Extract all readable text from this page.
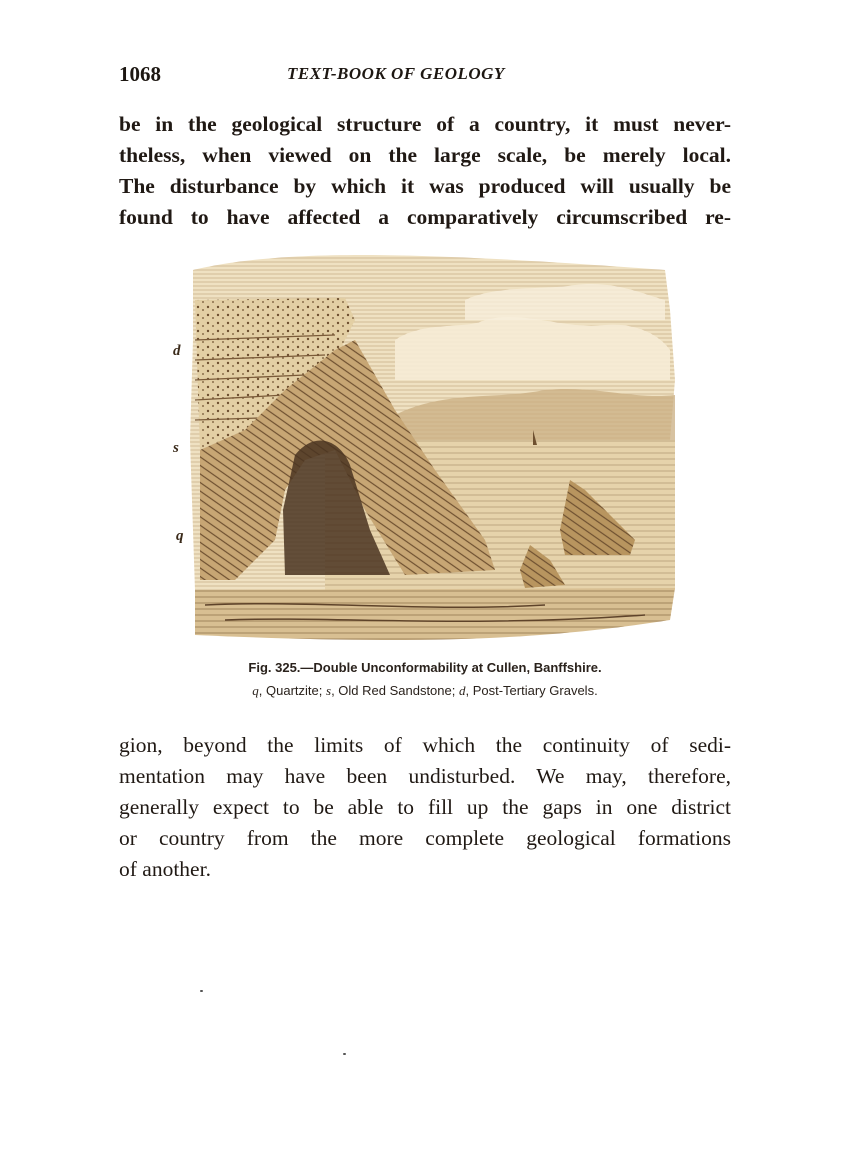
1068	TEXT-BOOK OF GEOLOGY

be in the geological structure of a country, it must never-
theless, when viewed on the large scale, be merely local.
The disturbance by which it was produced will usually be
found to have affected a comparatively circumscribed re-

d
s
q
Fig. 325.—Double Unconformability at Cullen, Banffshire.
q, Quartzite; s, Old Red Sandstone; d, Post-Tertiary Gravels.

gion, beyond the limits of which the continuity of sedi-
mentation may have been undisturbed. We may, therefore,
generally expect to be able to fill up the gaps in one district
or country from the more complete geological formations
of another.
